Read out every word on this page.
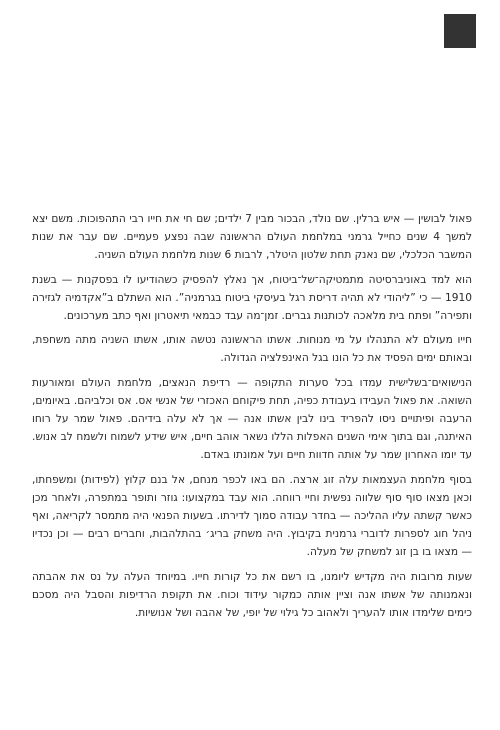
פאול לבושין — איש ברלין. שם נולד, הבכור מבין 7 ילדים; שם חי את חייו רבי התהפוכות. משם יצא למשך 4 שנים כחייל גרמני במלחמת העולם הראשונה שבה נפצע פעמיים. שם עבר את שנות המשבר הכלכלי, שם נאנק תחת שלטון היטלר, לרבות 6 שנות מלחמת העולם השניה.

הוא למד באוניברסיטה מתמטיקה־של־ביטוח, אך נאלץ להפסיק כשהודיעו לו בפסקנות — בשנת 1910 — כי ”ליהודי לא תהיה דריסת רגל בעיסקי ביטוח בגרמניה”. הוא השתלם ב”אקדמיה לגזירה ותפירה” ופתח בית מלאכה לכותנות גברים. זמן־מה עבד כבמאי תיאטרון ואף כתב מערכונים.

חייו מעולם לא התנהלו על מי מנוחות. אשתו הראשונה נטשה אותו, אשתו השניה מתה משחפת, ובאותם ימים הפסיד את כל הונו בגל האינפלציה הגדולה.

הנישואים־בשלישית עמדו בכל סערות התקופה — רדיפת הנאצים, מלחמת העולם ומאורעות השואה. את פאול העבידו בעבודת כפיה, תחת פיקוחם האכזרי של אנשי אס. אס וכלביהם. באיומים, הרעבה ופיתויים ניסו להפריד בינו לבין אשתו אנה — אך לא עלה בידיהם. פאול שמר על רוחו האיתנה, וגם בתוך אימי השנים האפלות הללו נשאר אוהב חיים, איש שידע לשמוח ולשמח לב אנוש. עד יומו האחרון שמר על אותה חדוות חיים ועל אמונתו באדם.

בסוף מלחמת העצמאות עלה זוג ארצה. הם באו לכפר מנחם, אל בנם קלוץ (לפידות) ומשפחתו, וכאן מצאו סוף סוף שלווה נפשית וחיי רווחה. הוא עבד במקצועו: גוזר ותופר במתפרה, ולאחר מכן כאשר קשתה עליו ההליכה — בחדר עבודה סמוך לדירתו. בשעות הפנאי היה מתמסר לקריאה, ואף ניהל חוג לספרות לדוברי גרמנית בקיבוץ. היה משחק בריג׳ בהתלהבות, וחברים רבים — וכן נכדיו — מצאו בו בן זוג למשחק של מעלה.

שעות מרובות היה מקדיש ליומנו, בו רשם את כל קורות חייו. במיוחד העלה על נס את אהבתה ונאמנותה של אשתו אנה וציין אותה כמקור עידוד וכוח. את תקופת הרדיפות והסבל היה מסכם כימים שלימדו אותו להעריך ולאהוב כל גילוי של יופי, של אהבה ושל אנושיות.
